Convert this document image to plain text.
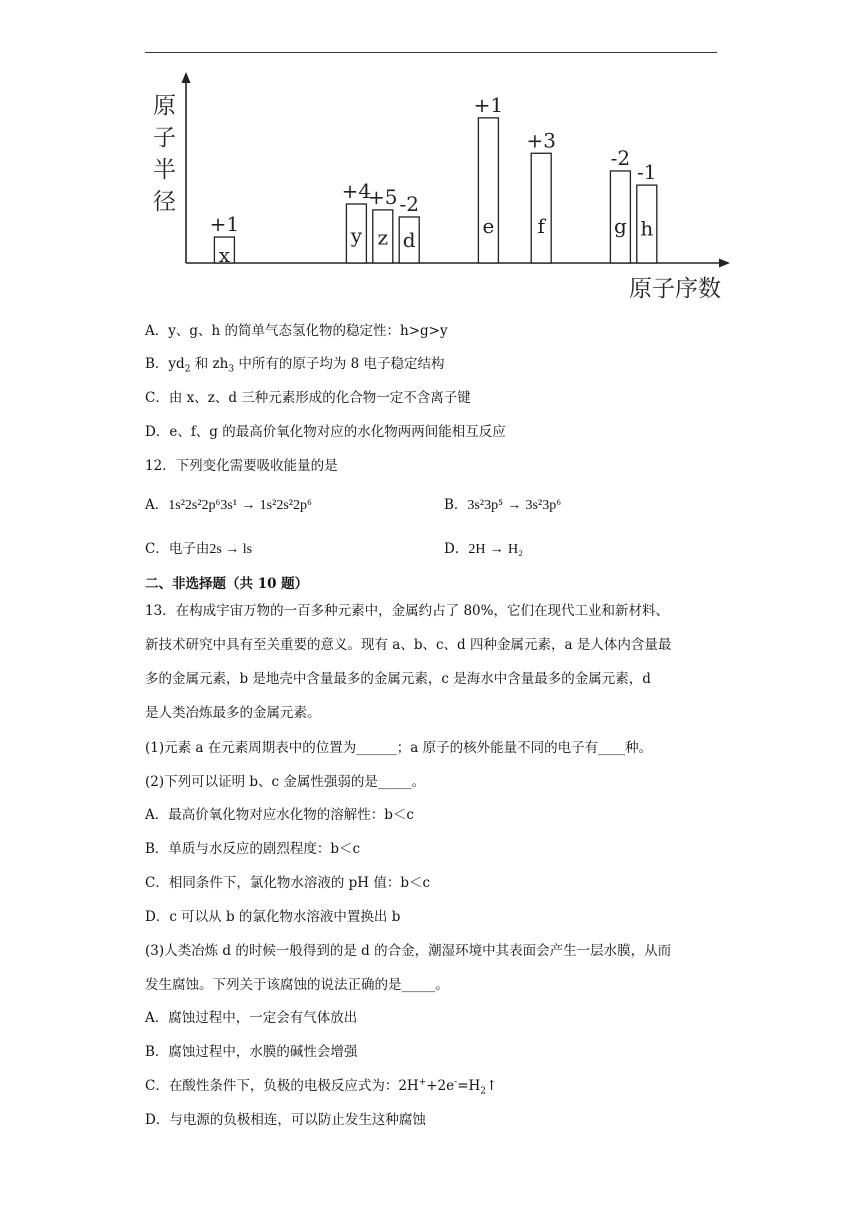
原
子
半
径
原子序数
x
+1	y
+4
z
+5
d
-2
e
+1
f
+3
g
-2
h
-1
A．y、g、h 的简单气态氢化物的稳定性：h>g>y
B．$yd_2$ 和 $zh_3$ 中所有的原子均为 8 电子稳定结构
C．由 x、z、d 三种元素形成的化合物一定不含离子键
D．e、f、g 的最高价氧化物对应的水化物两两间能相互反应
12．下列变化需要吸收能量的是
A．1s²2s²2p⁶3s¹ → 1s²2s²2p⁶	B．3s²3p⁵ → 3s²3p⁶
C．电子由2s → ls	D．2H → H₂
二、非选择题（共 10 题）
13．在构成宇宙万物的一百多种元素中，金属约占了 80%，它们在现代工业和新材料、
新技术研究中具有至关重要的意义。现有 a、b、c、d 四种金属元素，a 是人体内含量最
多的金属元素，b 是地壳中含量最多的金属元素，c 是海水中含量最多的金属元素，d
是人类冶炼最多的金属元素。
(1)元素 a 在元素周期表中的位置为______；a 原子的核外能量不同的电子有____种。
(2)下列可以证明 b、c 金属性强弱的是_____。
A．最高价氧化物对应水化物的溶解性：b＜c
B．单质与水反应的剧烈程度：b＜c
C．相同条件下，氯化物水溶液的 pH 值：b＜c
D．c 可以从 b 的氯化物水溶液中置换出 b
(3)人类冶炼 d 的时候一般得到的是 d 的合金，潮湿环境中其表面会产生一层水膜，从而
发生腐蚀。下列关于该腐蚀的说法正确的是_____。
A．腐蚀过程中，一定会有气体放出
B．腐蚀过程中，水膜的碱性会增强
C．在酸性条件下，负极的电极反应式为：$2H^++2e^-=H_2↑$
D．与电源的负极相连，可以防止发生这种腐蚀
